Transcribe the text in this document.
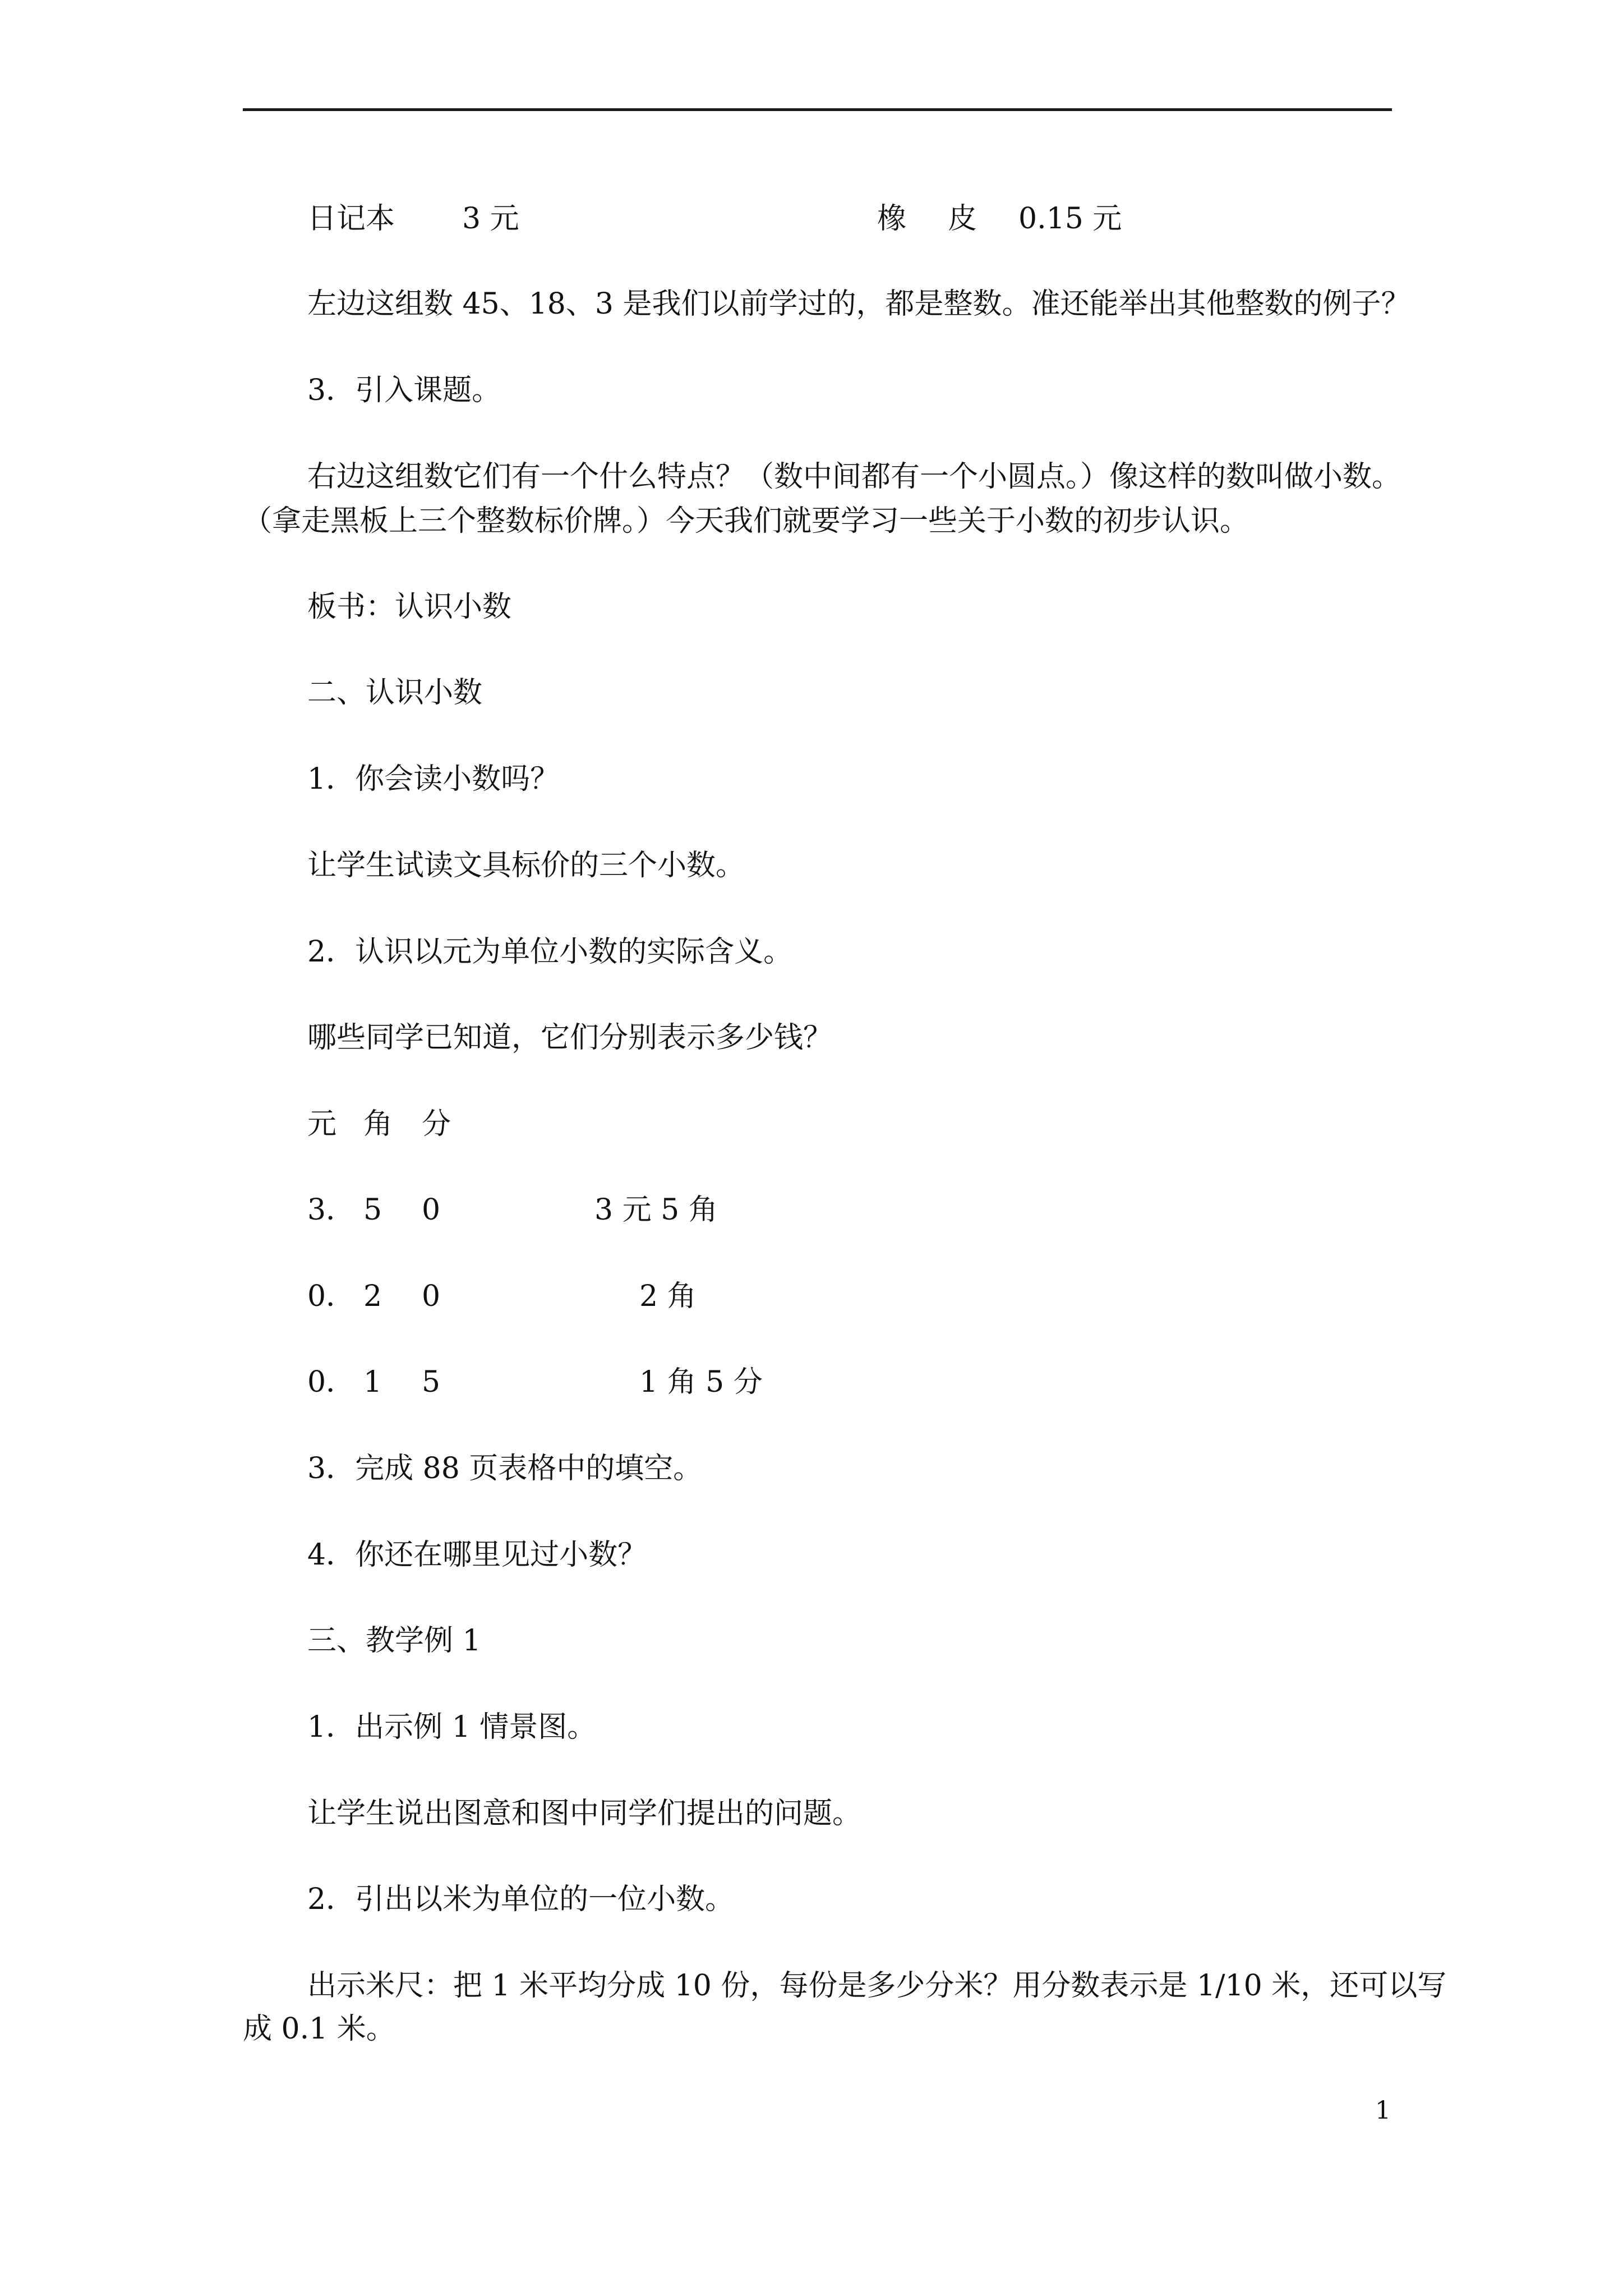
日记本 3 元	橡 皮 0.15 元
左边这组数 45、18、3 是我们以前学过的，都是整数。准还能举出其他整数的例子？
3．引入课题。
右边这组数它们有一个什么特点？（数中间都有一个小圆点。）像这样的数叫做小数。
（拿走黑板上三个整数标价牌。）今天我们就要学习一些关于小数的初步认识。
板书：认识小数
二、认识小数
1．你会读小数吗？
让学生试读文具标价的三个小数。
2．认识以元为单位小数的实际含义。
哪些同学已知道，它们分别表示多少钱？
元 角 分
3． 5 0	3 元 5 角
0． 2 0	2 角
0． 1 5	1 角 5 分
3．完成 88 页表格中的填空。
4．你还在哪里见过小数？
三、教学例 1
1．出示例 1 情景图。
让学生说出图意和图中同学们提出的问题。
2．引出以米为单位的一位小数。
出示米尺：把 1 米平均分成 10 份，每份是多少分米？用分数表示是 1/10 米，还可以写
成 0.1 米。
1
